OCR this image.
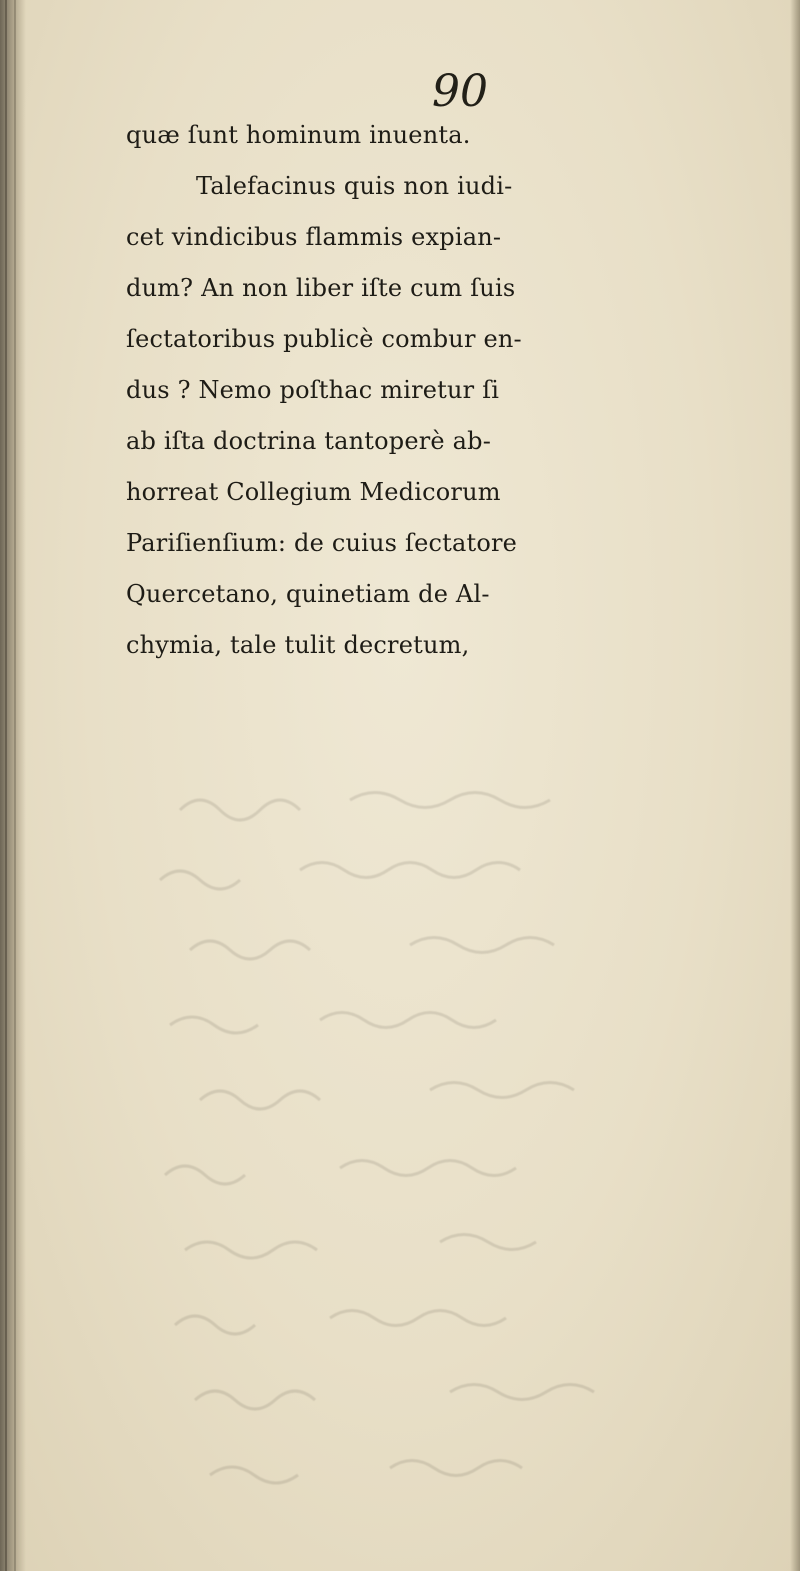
90
quæ ſunt hominum inuenta.
Talefacinus quis non iudi-
cet vindicibus flammis expian-
dum? An non liber iſte cum ſuis
ſectatoribus publicè combur en-
dus ? Nemo poſthac miretur ſi
ab iſta doctrina tantoperè ab-
horreat Collegium Medicorum
Pariſienſium: de cuius ſectatore
Quercetano, quinetiam de Al-
chymia, tale tulit decretum,
